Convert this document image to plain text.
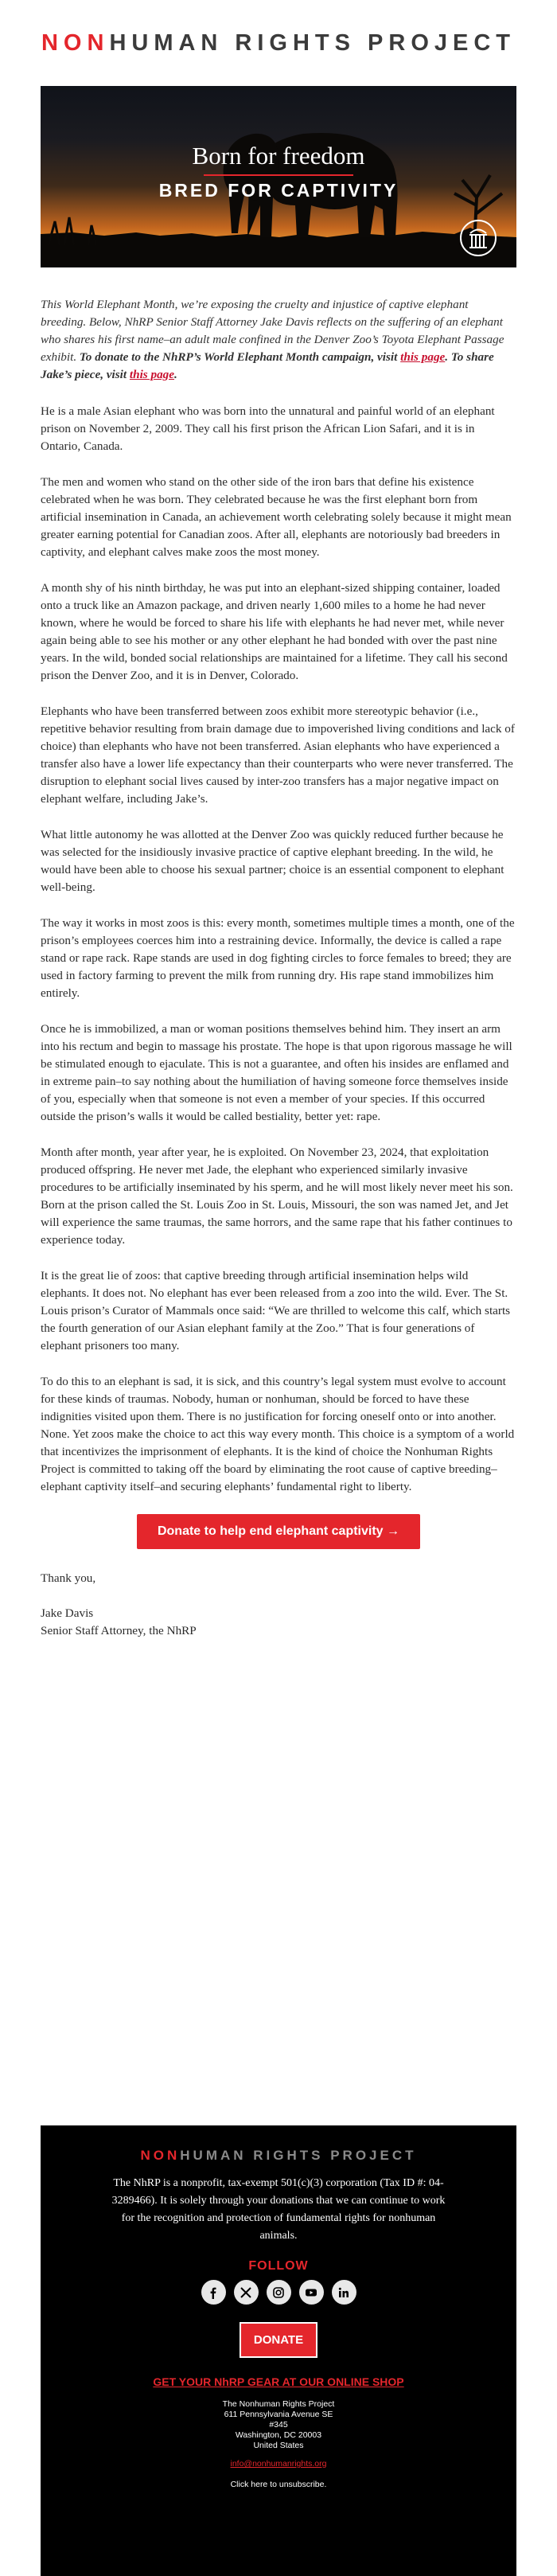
NONHUMAN RIGHTS PROJECT
Born for freedom
BRED FOR CAPTIVITY

This World Elephant Month, we’re exposing the cruelty and injustice of captive elephant breeding. Below, NhRP Senior Staff Attorney Jake Davis reflects on the suffering of an elephant who shares his first name–an adult male confined in the Denver Zoo’s Toyota Elephant Passage exhibit. To donate to the NhRP’s World Elephant Month campaign, visit this page. To share Jake’s piece, visit this page.

He is a male Asian elephant who was born into the unnatural and painful world of an elephant prison on November 2, 2009. They call his first prison the African Lion Safari, and it is in Ontario, Canada.

The men and women who stand on the other side of the iron bars that define his existence celebrated when he was born. They celebrated because he was the first elephant born from artificial insemination in Canada, an achievement worth celebrating solely because it might mean greater earning potential for Canadian zoos. After all, elephants are notoriously bad breeders in captivity, and elephant calves make zoos the most money.

A month shy of his ninth birthday, he was put into an elephant-sized shipping container, loaded onto a truck like an Amazon package, and driven nearly 1,600 miles to a home he had never known, where he would be forced to share his life with elephants he had never met, while never again being able to see his mother or any other elephant he had bonded with over the past nine years. In the wild, bonded social relationships are maintained for a lifetime. They call his second prison the Denver Zoo, and it is in Denver, Colorado.

Elephants who have been transferred between zoos exhibit more stereotypic behavior (i.e., repetitive behavior resulting from brain damage due to impoverished living conditions and lack of choice) than elephants who have not been transferred. Asian elephants who have experienced a transfer also have a lower life expectancy than their counterparts who were never transferred. The disruption to elephant social lives caused by inter-zoo transfers has a major negative impact on elephant welfare, including Jake’s.

What little autonomy he was allotted at the Denver Zoo was quickly reduced further because he was selected for the insidiously invasive practice of captive elephant breeding. In the wild, he would have been able to choose his sexual partner; choice is an essential component to elephant well-being.

The way it works in most zoos is this: every month, sometimes multiple times a month, one of the prison’s employees coerces him into a restraining device. Informally, the device is called a rape stand or rape rack. Rape stands are used in dog fighting circles to force females to breed; they are used in factory farming to prevent the milk from running dry. His rape stand immobilizes him entirely.

Once he is immobilized, a man or woman positions themselves behind him. They insert an arm into his rectum and begin to massage his prostate. The hope is that upon rigorous massage he will be stimulated enough to ejaculate. This is not a guarantee, and often his insides are enflamed and in extreme pain–to say nothing about the humiliation of having someone force themselves inside of you, especially when that someone is not even a member of your species. If this occurred outside the prison’s walls it would be called bestiality, better yet: rape.

Month after month, year after year, he is exploited. On November 23, 2024, that exploitation produced offspring. He never met Jade, the elephant who experienced similarly invasive procedures to be artificially inseminated by his sperm, and he will most likely never meet his son. Born at the prison called the St. Louis Zoo in St. Louis, Missouri, the son was named Jet, and Jet will experience the same traumas, the same horrors, and the same rape that his father continues to experience today.

It is the great lie of zoos: that captive breeding through artificial insemination helps wild elephants. It does not. No elephant has ever been released from a zoo into the wild. Ever. The St. Louis prison’s Curator of Mammals once said: “We are thrilled to welcome this calf, which starts the fourth generation of our Asian elephant family at the Zoo.” That is four generations of elephant prisoners too many.

To do this to an elephant is sad, it is sick, and this country’s legal system must evolve to account for these kinds of traumas. Nobody, human or nonhuman, should be forced to have these indignities visited upon them. There is no justification for forcing oneself onto or into another. None. Yet zoos make the choice to act this way every month. This choice is a symptom of a world that incentivizes the imprisonment of elephants. It is the kind of choice the Nonhuman Rights Project is committed to taking off the board by eliminating the root cause of captive breeding–elephant captivity itself–and securing elephants’ fundamental right to liberty.

Donate to help end elephant captivity →

Thank you,

Jake Davis

Senior Staff Attorney, the NhRP

NONHUMAN RIGHTS PROJECT

The NhRP is a nonprofit, tax-exempt 501(c)(3) corporation (Tax ID #: 04-3289466). It is solely through your donations that we can continue to work for the recognition and protection of fundamental rights for nonhuman animals.

FOLLOW
DONATE
GET YOUR NhRP GEAR AT OUR ONLINE SHOP
The Nonhuman Rights Project
611 Pennsylvania Avenue SE
#345
Washington, DC 20003
United States
info@nonhumanrights.org
Click here to unsubscribe.
